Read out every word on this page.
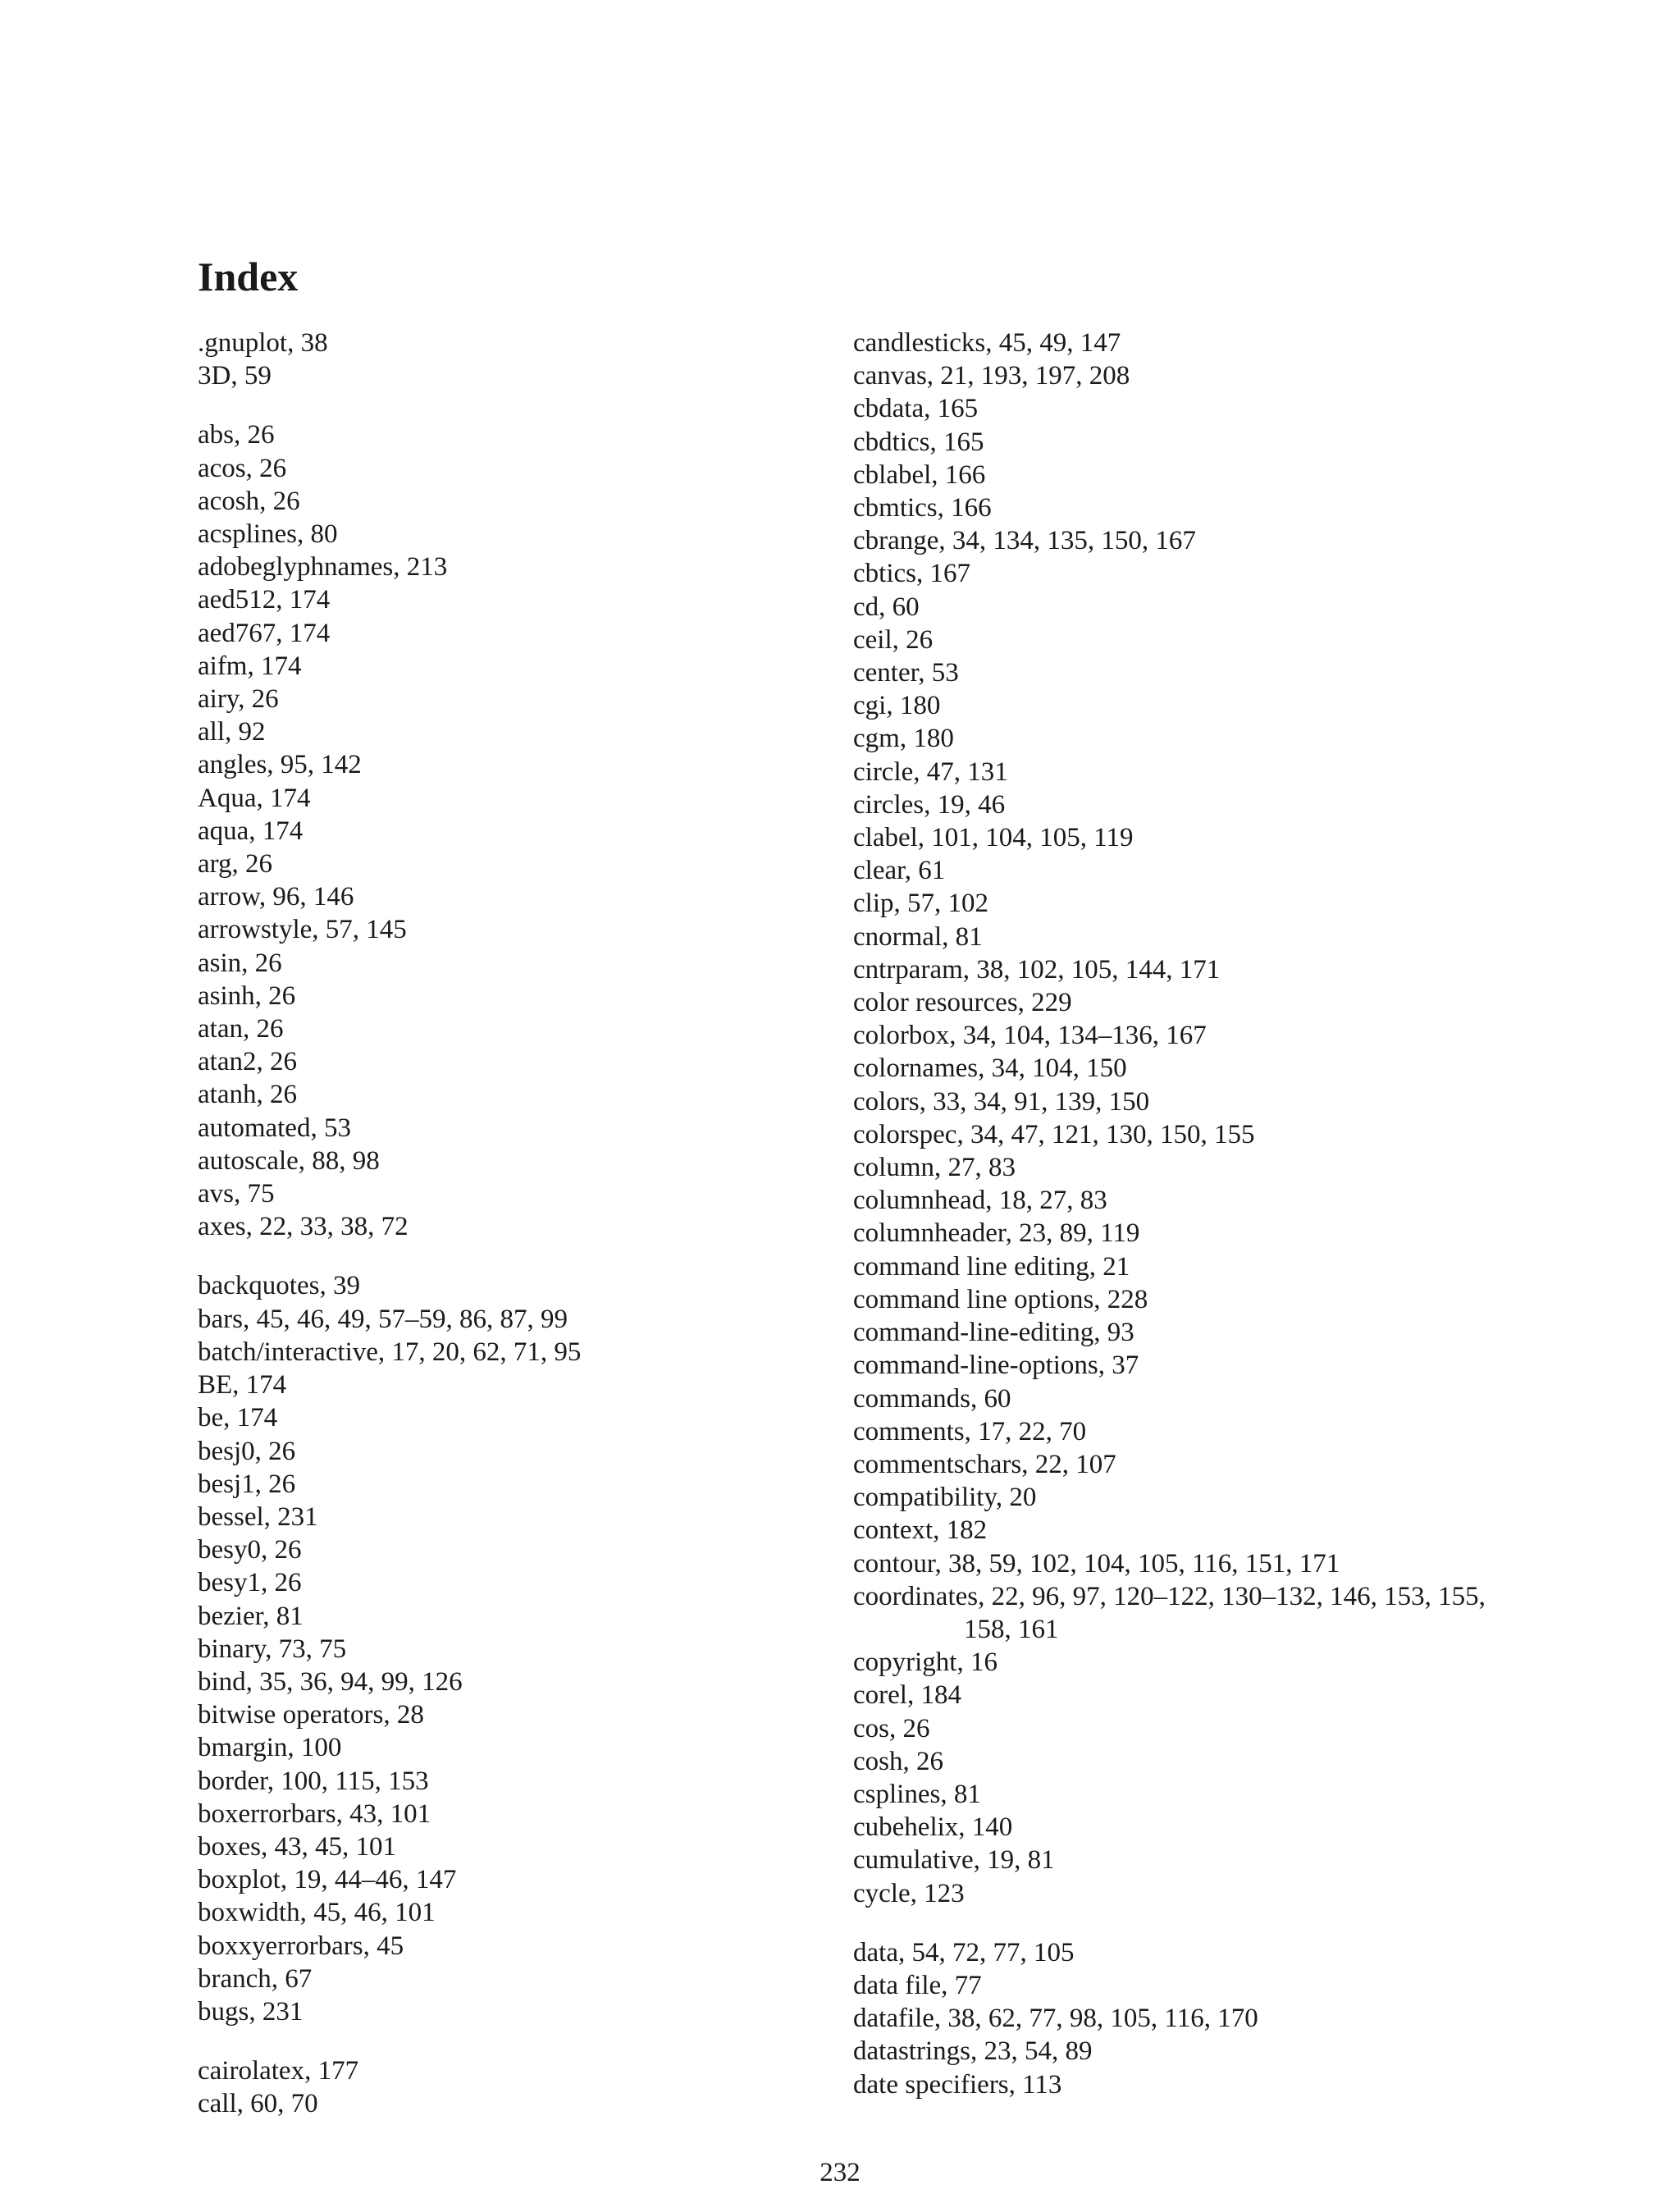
Index

.gnuplot, 38

3D, 59

abs, 26

acos, 26

acosh, 26

acsplines, 80

adobeglyphnames, 213

aed512, 174

aed767, 174

aifm, 174

airy, 26

all, 92

angles, 95, 142

Aqua, 174

aqua, 174

arg, 26

arrow, 96, 146

arrowstyle, 57, 145

asin, 26

asinh, 26

atan, 26

atan2, 26

atanh, 26

automated, 53

autoscale, 88, 98

avs, 75

axes, 22, 33, 38, 72

backquotes, 39

bars, 45, 46, 49, 57–59, 86, 87, 99

batch/interactive, 17, 20, 62, 71, 95

BE, 174

be, 174

besj0, 26

besj1, 26

bessel, 231

besy0, 26

besy1, 26

bezier, 81

binary, 73, 75

bind, 35, 36, 94, 99, 126

bitwise operators, 28

bmargin, 100

border, 100, 115, 153

boxerrorbars, 43, 101

boxes, 43, 45, 101

boxplot, 19, 44–46, 147

boxwidth, 45, 46, 101

boxxyerrorbars, 45

branch, 67

bugs, 231

cairolatex, 177

call, 60, 70

candlesticks, 45, 49, 147

canvas, 21, 193, 197, 208

cbdata, 165

cbdtics, 165

cblabel, 166

cbmtics, 166

cbrange, 34, 134, 135, 150, 167

cbtics, 167

cd, 60

ceil, 26

center, 53

cgi, 180

cgm, 180

circle, 47, 131

circles, 19, 46

clabel, 101, 104, 105, 119

clear, 61

clip, 57, 102

cnormal, 81

cntrparam, 38, 102, 105, 144, 171

color resources, 229

colorbox, 34, 104, 134–136, 167

colornames, 34, 104, 150

colors, 33, 34, 91, 139, 150

colorspec, 34, 47, 121, 130, 150, 155

column, 27, 83

columnhead, 18, 27, 83

columnheader, 23, 89, 119

command line editing, 21

command line options, 228

command-line-editing, 93

command-line-options, 37

commands, 60

comments, 17, 22, 70

commentschars, 22, 107

compatibility, 20

context, 182

contour, 38, 59, 102, 104, 105, 116, 151, 171

coordinates, 22, 96, 97, 120–122, 130–132, 146, 153, 155, 158, 161

copyright, 16

corel, 184

cos, 26

cosh, 26

csplines, 81

cubehelix, 140

cumulative, 19, 81

cycle, 123

data, 54, 72, 77, 105

data file, 77

datafile, 38, 62, 77, 98, 105, 116, 170

datastrings, 23, 54, 89

date specifiers, 113

232
